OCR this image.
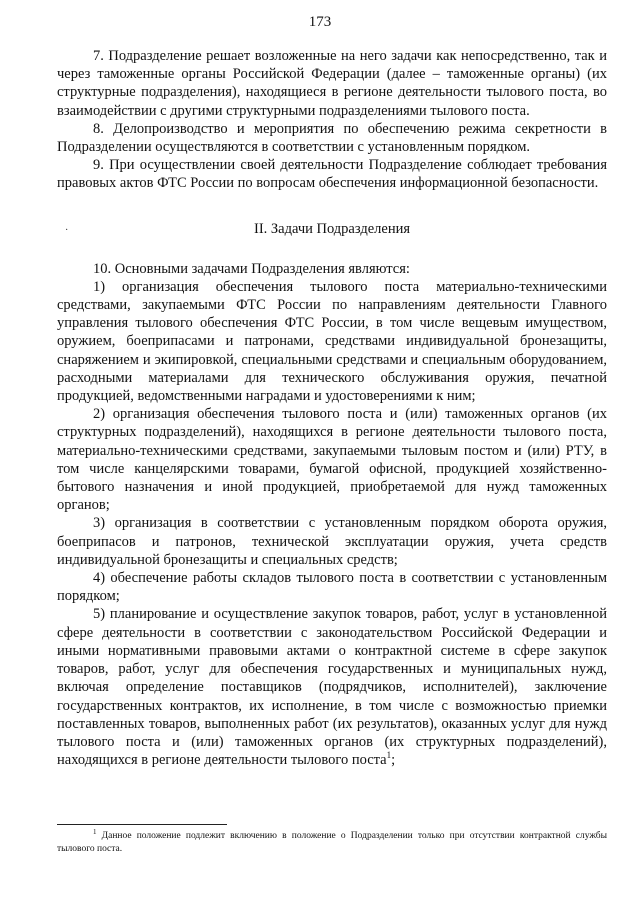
173

7. Подразделение решает возложенные на него задачи как непосредственно, так и через таможенные органы Российской Федерации (далее – таможенные органы) (их структурные подразделения), находящиеся в регионе деятельности тылового поста, во взаимодействии с другими структурными подразделениями тылового поста.

8. Делопроизводство и мероприятия по обеспечению режима секретности в Подразделении осуществляются в соответствии с установленным порядком.

9. При осуществлении своей деятельности Подразделение соблюдает требования правовых актов ФТС России по вопросам обеспечения информационной безопасности.

·	II. Задачи Подразделения

10. Основными задачами Подразделения являются:

1) организация обеспечения тылового поста материально-техническими средствами, закупаемыми ФТС России по направлениям деятельности Главного управления тылового обеспечения ФТС России, в том числе вещевым имуществом, оружием, боеприпасами и патронами, средствами индивидуальной бронезащиты, снаряжением и экипировкой, специальными средствами и специальным оборудованием, расходными материалами для технического обслуживания оружия, печатной продукцией, ведомственными наградами и удостоверениями к ним;

2) организация обеспечения тылового поста и (или) таможенных органов (их структурных подразделений), находящихся в регионе деятельности тылового поста, материально-техническими средствами, закупаемыми тыловым постом и (или) РТУ, в том числе канцелярскими товарами, бумагой офисной, продукцией хозяйственно-бытового назначения и иной продукцией, приобретаемой для нужд таможенных органов;

3) организация в соответствии с установленным порядком оборота оружия, боеприпасов и патронов, технической эксплуатации оружия, учета средств индивидуальной бронезащиты и специальных средств;

4) обеспечение работы складов тылового поста в соответствии с установленным порядком;

5) планирование и осуществление закупок товаров, работ, услуг в установленной сфере деятельности в соответствии с законодательством Российской Федерации и иными нормативными правовыми актами о контрактной системе в сфере закупок товаров, работ, услуг для обеспечения государственных и муниципальных нужд, включая определение поставщиков (подрядчиков, исполнителей), заключение государственных контрактов, их исполнение, в том числе с возможностью приемки поставленных товаров, выполненных работ (их результатов), оказанных услуг для нужд тылового поста и (или) таможенных органов (их структурных подразделений), находящихся в регионе деятельности тылового поста$^1$;

$^1$ Данное положение подлежит включению в положение о Подразделении только при отсутствии контрактной службы тылового поста.
